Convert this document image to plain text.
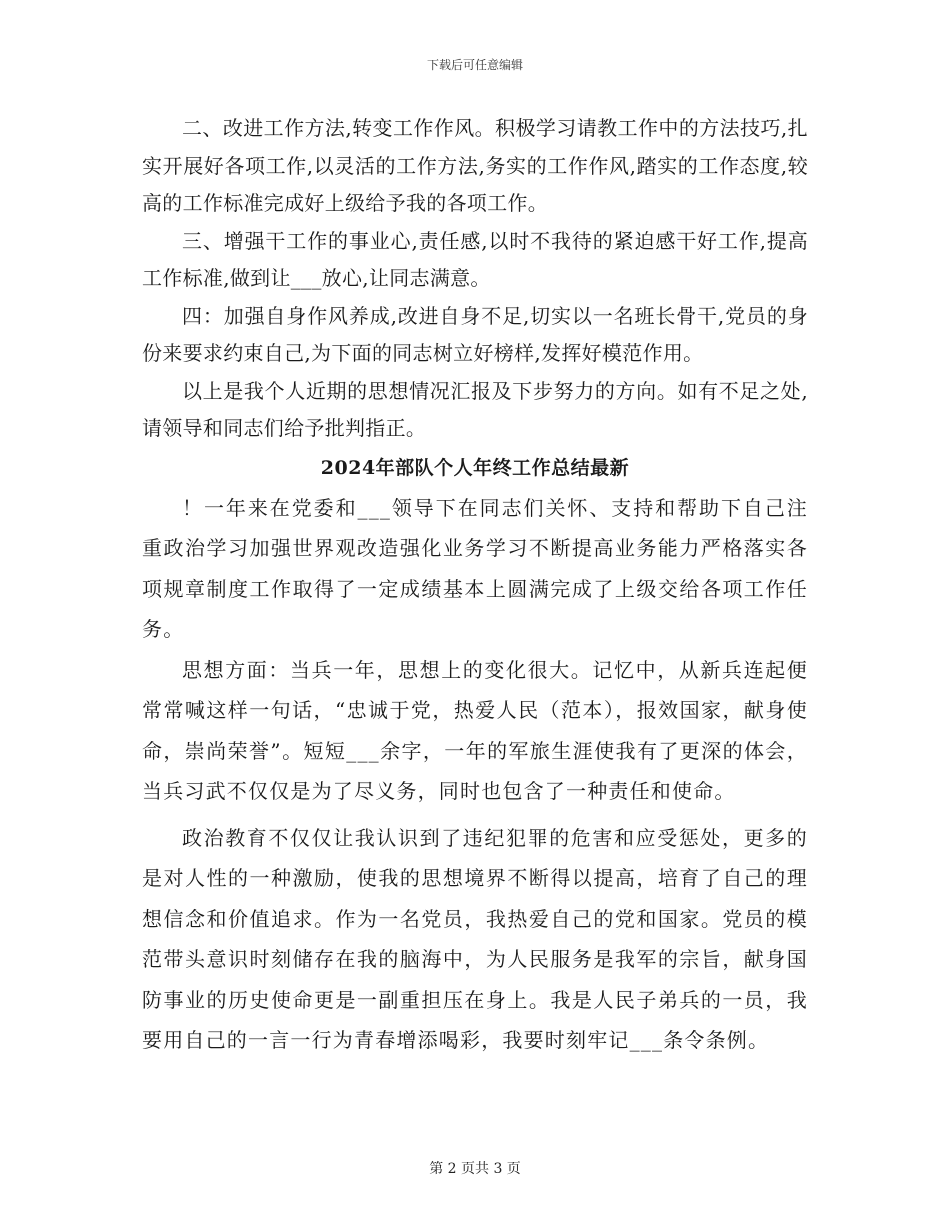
下载后可任意编辑

二、改进工作方法,转变工作作风。积极学习请教工作中的方法技巧,扎实开展好各项工作,以灵活的工作方法,务实的工作作风,踏实的工作态度,较高的工作标准完成好上级给予我的各项工作。

三、增强干工作的事业心,责任感,以时不我待的紧迫感干好工作,提高工作标准,做到让___放心,让同志满意。

四：加强自身作风养成,改进自身不足,切实以一名班长骨干,党员的身份来要求约束自己,为下面的同志树立好榜样,发挥好模范作用。

以上是我个人近期的思想情况汇报及下步努力的方向。如有不足之处,请领导和同志们给予批判指正。

2024年部队个人年终工作总结最新

！一年来在党委和___领导下在同志们关怀、支持和帮助下自己注重政治学习加强世界观改造强化业务学习不断提高业务能力严格落实各项规章制度工作取得了一定成绩基本上圆满完成了上级交给各项工作任务。

思想方面：当兵一年，思想上的变化很大。记忆中，从新兵连起便常常喊这样一句话，“忠诚于党，热爱人民（范本），报效国家，献身使命，崇尚荣誉”。短短___余字，一年的军旅生涯使我有了更深的体会，当兵习武不仅仅是为了尽义务，同时也包含了一种责任和使命。

政治教育不仅仅让我认识到了违纪犯罪的危害和应受惩处，更多的是对人性的一种激励，使我的思想境界不断得以提高，培育了自己的理想信念和价值追求。作为一名党员，我热爱自己的党和国家。党员的模范带头意识时刻储存在我的脑海中，为人民服务是我军的宗旨，献身国防事业的历史使命更是一副重担压在身上。我是人民子弟兵的一员，我要用自己的一言一行为青春增添喝彩，我要时刻牢记___条令条例。

第 2 页共 3 页
